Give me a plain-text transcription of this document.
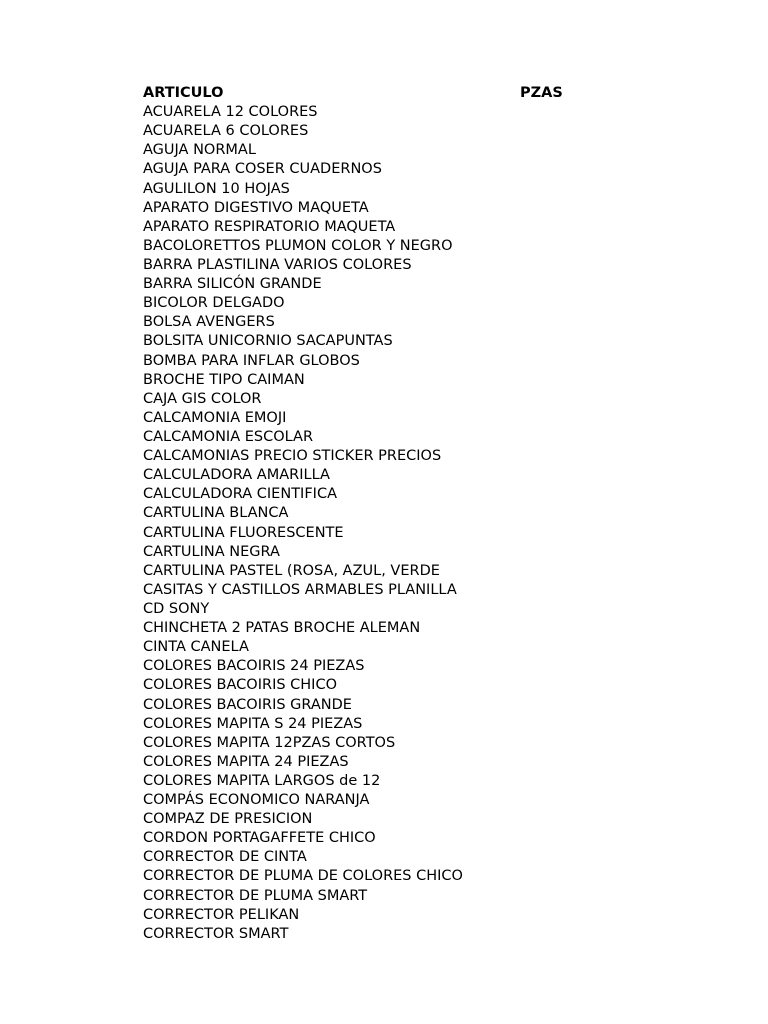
ARTICULO	PZAS
ACUARELA 12 COLORES
ACUARELA 6 COLORES
AGUJA NORMAL
AGUJA PARA COSER CUADERNOS
AGULILON 10 HOJAS
APARATO DIGESTIVO MAQUETA
APARATO RESPIRATORIO MAQUETA
BACOLORETTOS PLUMON COLOR Y NEGRO
BARRA PLASTILINA VARIOS COLORES
BARRA SILICÓN GRANDE
BICOLOR DELGADO
BOLSA AVENGERS
BOLSITA UNICORNIO SACAPUNTAS
BOMBA PARA INFLAR GLOBOS
BROCHE TIPO CAIMAN
CAJA GIS COLOR
CALCAMONIA EMOJI
CALCAMONIA ESCOLAR
CALCAMONIAS PRECIO STICKER PRECIOS
CALCULADORA AMARILLA
CALCULADORA CIENTIFICA
CARTULINA BLANCA
CARTULINA FLUORESCENTE
CARTULINA NEGRA
CARTULINA PASTEL (ROSA, AZUL, VERDE
CASITAS Y CASTILLOS ARMABLES PLANILLA
CD SONY
CHINCHETA 2 PATAS BROCHE ALEMAN
CINTA CANELA
COLORES BACOIRIS 24 PIEZAS
COLORES BACOIRIS CHICO
COLORES BACOIRIS GRANDE
COLORES MAPITA S 24 PIEZAS
COLORES MAPITA 12PZAS CORTOS
COLORES MAPITA 24 PIEZAS
COLORES MAPITA LARGOS de 12
COMPÁS ECONOMICO NARANJA
COMPAZ DE PRESICION
CORDON PORTAGAFFETE CHICO
CORRECTOR DE CINTA
CORRECTOR DE PLUMA DE COLORES CHICO
CORRECTOR DE PLUMA SMART
CORRECTOR PELIKAN
CORRECTOR SMART
